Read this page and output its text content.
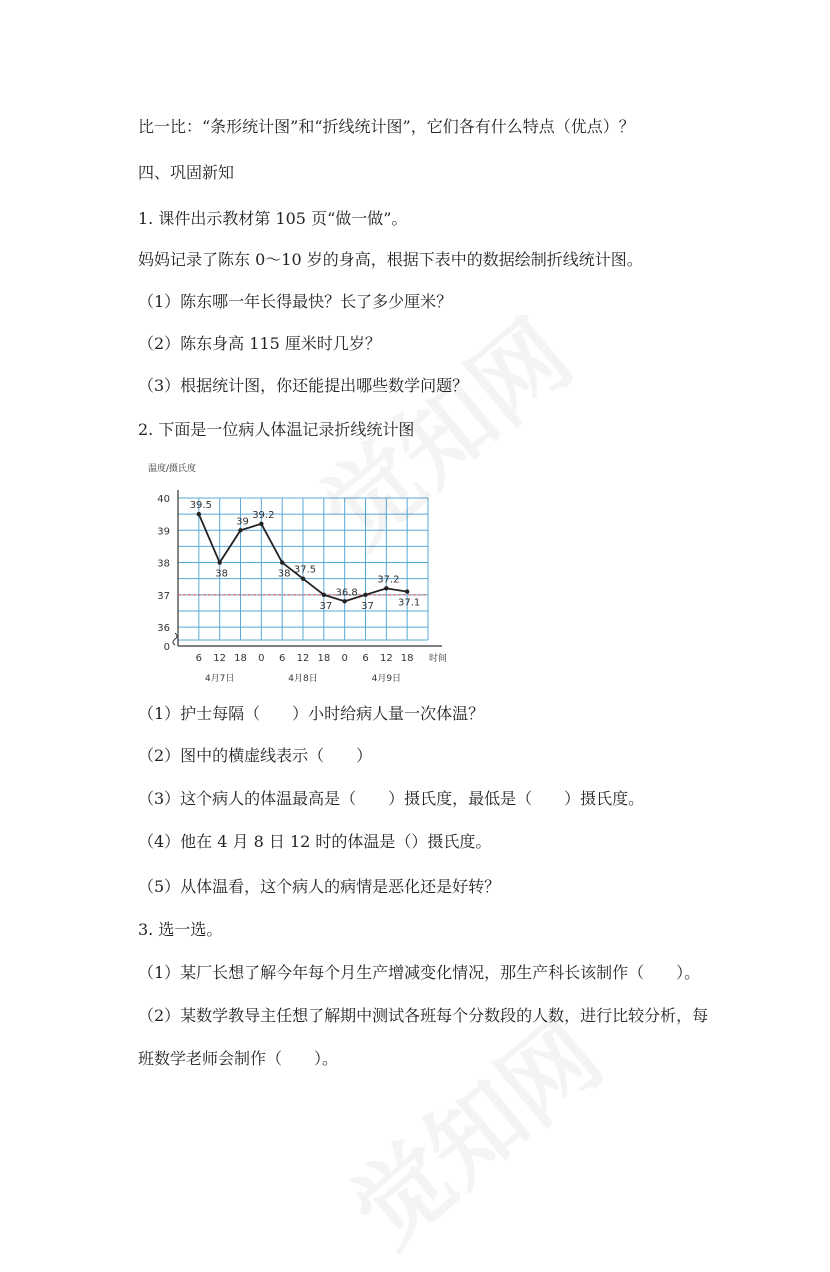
比一比：“条形统计图”和“折线统计图”，它们各有什么特点（优点）？
四、巩固新知
1. 课件出示教材第 105 页“做一做”。
妈妈记录了陈东 0～10 岁的身高，根据下表中的数据绘制折线统计图。
（1）陈东哪一年长得最快？长了多少厘米？
（2）陈东身高 115 厘米时几岁？
（3）根据统计图，你还能提出哪些数学问题？
2. 下面是一位病人体温记录折线统计图
36
37
38
39
40
0
温度/摄氏度
6 12 18 0 6 12 18 0 6 12 18 时间
4月7日	4月8日	4月9日
39.5
38
39
39.2
38 37.5
37
36.8
37
37.2
37.1
（1）护士每隔（　　）小时给病人量一次体温？
（2）图中的横虚线表示（　　）
（3）这个病人的体温最高是（　　）摄氏度，最低是（　　）摄氏度。
（4）他在 4 月 8 日 12 时的体温是（）摄氏度。
（5）从体温看，这个病人的病情是恶化还是好转？
3. 选一选。
（1）某厂长想了解今年每个月生产增减变化情况，那生产科长该制作（　　）。
（2）某数学教导主任想了解期中测试各班每个分数段的人数，进行比较分析，每
班数学老师会制作（　　）。
